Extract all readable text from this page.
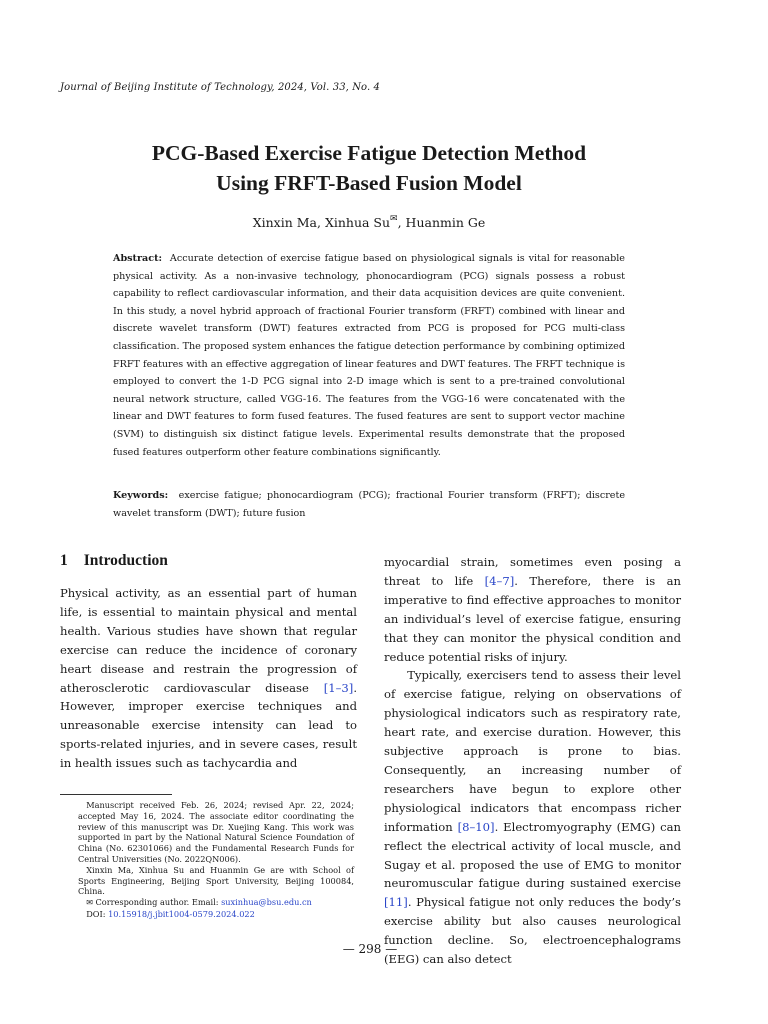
Journal of Beijing Institute of Technology, 2024, Vol. 33, No. 4
PCG-Based Exercise Fatigue Detection Method
Using FRFT-Based Fusion Model
Xinxin Ma, Xinhua Su✉, Huanmin Ge
Abstract: Accurate detection of exercise fatigue based on physiological signals is vital for reasonable physical activity. As a non-invasive technology, phonocardiogram (PCG) signals possess a robust capability to reflect cardiovascular information, and their data acquisition devices are quite convenient. In this study, a novel hybrid approach of fractional Fourier transform (FRFT) combined with linear and discrete wavelet transform (DWT) features extracted from PCG is proposed for PCG multi-class classification. The proposed system enhances the fatigue detection performance by combining optimized FRFT features with an effective aggregation of linear features and DWT features. The FRFT technique is employed to convert the 1-D PCG signal into 2-D image which is sent to a pre-trained convolutional neural network structure, called VGG-16. The features from the VGG-16 were concatenated with the linear and DWT features to form fused features. The fused features are sent to support vector machine (SVM) to distinguish six distinct fatigue levels. Experimental results demonstrate that the proposed fused features outperform other feature combinations significantly.
Keywords: exercise fatigue; phonocardiogram (PCG); fractional Fourier transform (FRFT); discrete wavelet transform (DWT); future fusion
1 Introduction

Physical activity, as an essential part of human life, is essential to maintain physical and mental health. Various studies have shown that regular exercise can reduce the incidence of coronary heart disease and restrain the progression of atherosclerotic cardiovascular disease [1–3]. However, improper exercise techniques and unreasonable exercise intensity can lead to sports-related injuries, and in severe cases, result in health issues such as tachycardia and

myocardial strain, sometimes even posing a threat to life [4–7]. Therefore, there is an imperative to find effective approaches to monitor an individual’s level of exercise fatigue, ensuring that they can monitor the physical condition and reduce potential risks of injury.

Typically, exercisers tend to assess their level of exercise fatigue, relying on observations of physiological indicators such as respiratory rate, heart rate, and exercise duration. However, this subjective approach is prone to bias. Consequently, an increasing number of researchers have begun to explore other physiological indicators that encompass richer information [8–10]. Electromyography (EMG) can reflect the electrical activity of local muscle, and Sugay et al. proposed the use of EMG to monitor neuromuscular fatigue during sustained exercise [11]. Physical fatigue not only reduces the body’s exercise ability but also causes neurological function decline. So, electroencephalograms (EEG) can also detect

Manuscript received Feb. 26, 2024; revised Apr. 22, 2024; accepted May 16, 2024. The associate editor coordinating the review of this manuscript was Dr. Xuejing Kang. This work was supported in part by the National Natural Science Foundation of China (No. 62301066) and the Fundamental Research Funds for Central Universities (No. 2022QN006).

Xinxin Ma, Xinhua Su and Huanmin Ge are with School of Sports Engineering, Beijing Sport University, Beijing 100084, China.

✉ Corresponding author. Email: suxinhua@bsu.edu.cn

DOI: 10.15918/j.jbit1004-0579.2024.022

— 298 —
